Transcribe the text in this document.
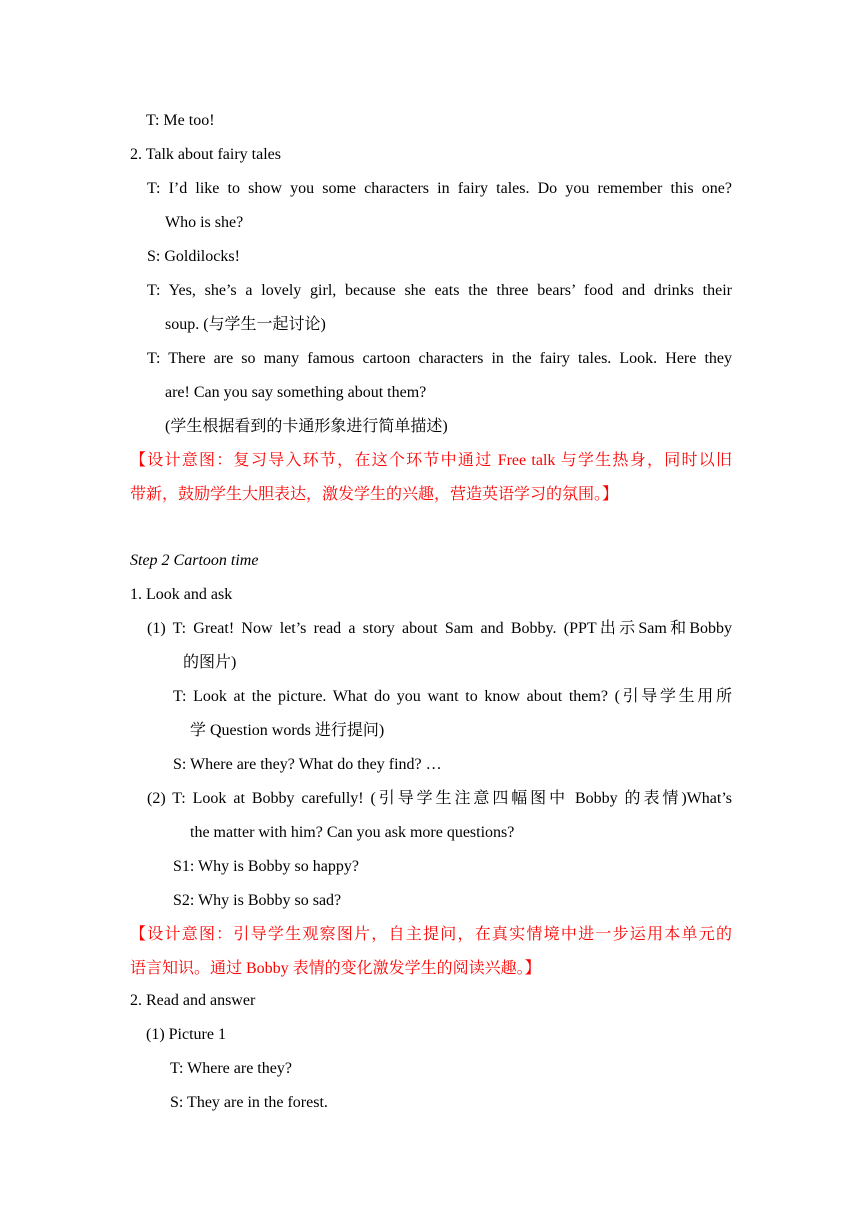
T: Me too!
2. Talk about fairy tales
T: I’d like to show you some characters in fairy tales. Do you remember this one?
Who is she?
S: Goldilocks!
T: Yes, she’s a lovely girl, because she eats the three bears’ food and drinks their
soup. (与学生一起讨论)
T: There are so many famous cartoon characters in the fairy tales. Look. Here they
are! Can you say something about them?
(学生根据看到的卡通形象进行简单描述)
【设计意图：复习导入环节，在这个环节中通过 Free talk 与学生热身，同时以旧
带新，鼓励学生大胆表达，激发学生的兴趣，营造英语学习的氛围。】
Step 2 Cartoon time
1. Look and ask
(1) T: Great! Now let’s read a story about Sam and Bobby. (PPT出示Sam和Bobby
的图片)
T: Look at the picture. What do you want to know about them? (引导学生用所
学 Question words 进行提问)
S: Where are they? What do they find? …
(2) T: Look at Bobby carefully! (引导学生注意四幅图中 Bobby 的表情)What’s
the matter with him? Can you ask more questions?
S1: Why is Bobby so happy?
S2: Why is Bobby so sad?
【设计意图：引导学生观察图片，自主提问，在真实情境中进一步运用本单元的
语言知识。通过 Bobby 表情的变化激发学生的阅读兴趣。】
2. Read and answer
(1) Picture 1
T: Where are they?
S: They are in the forest.
